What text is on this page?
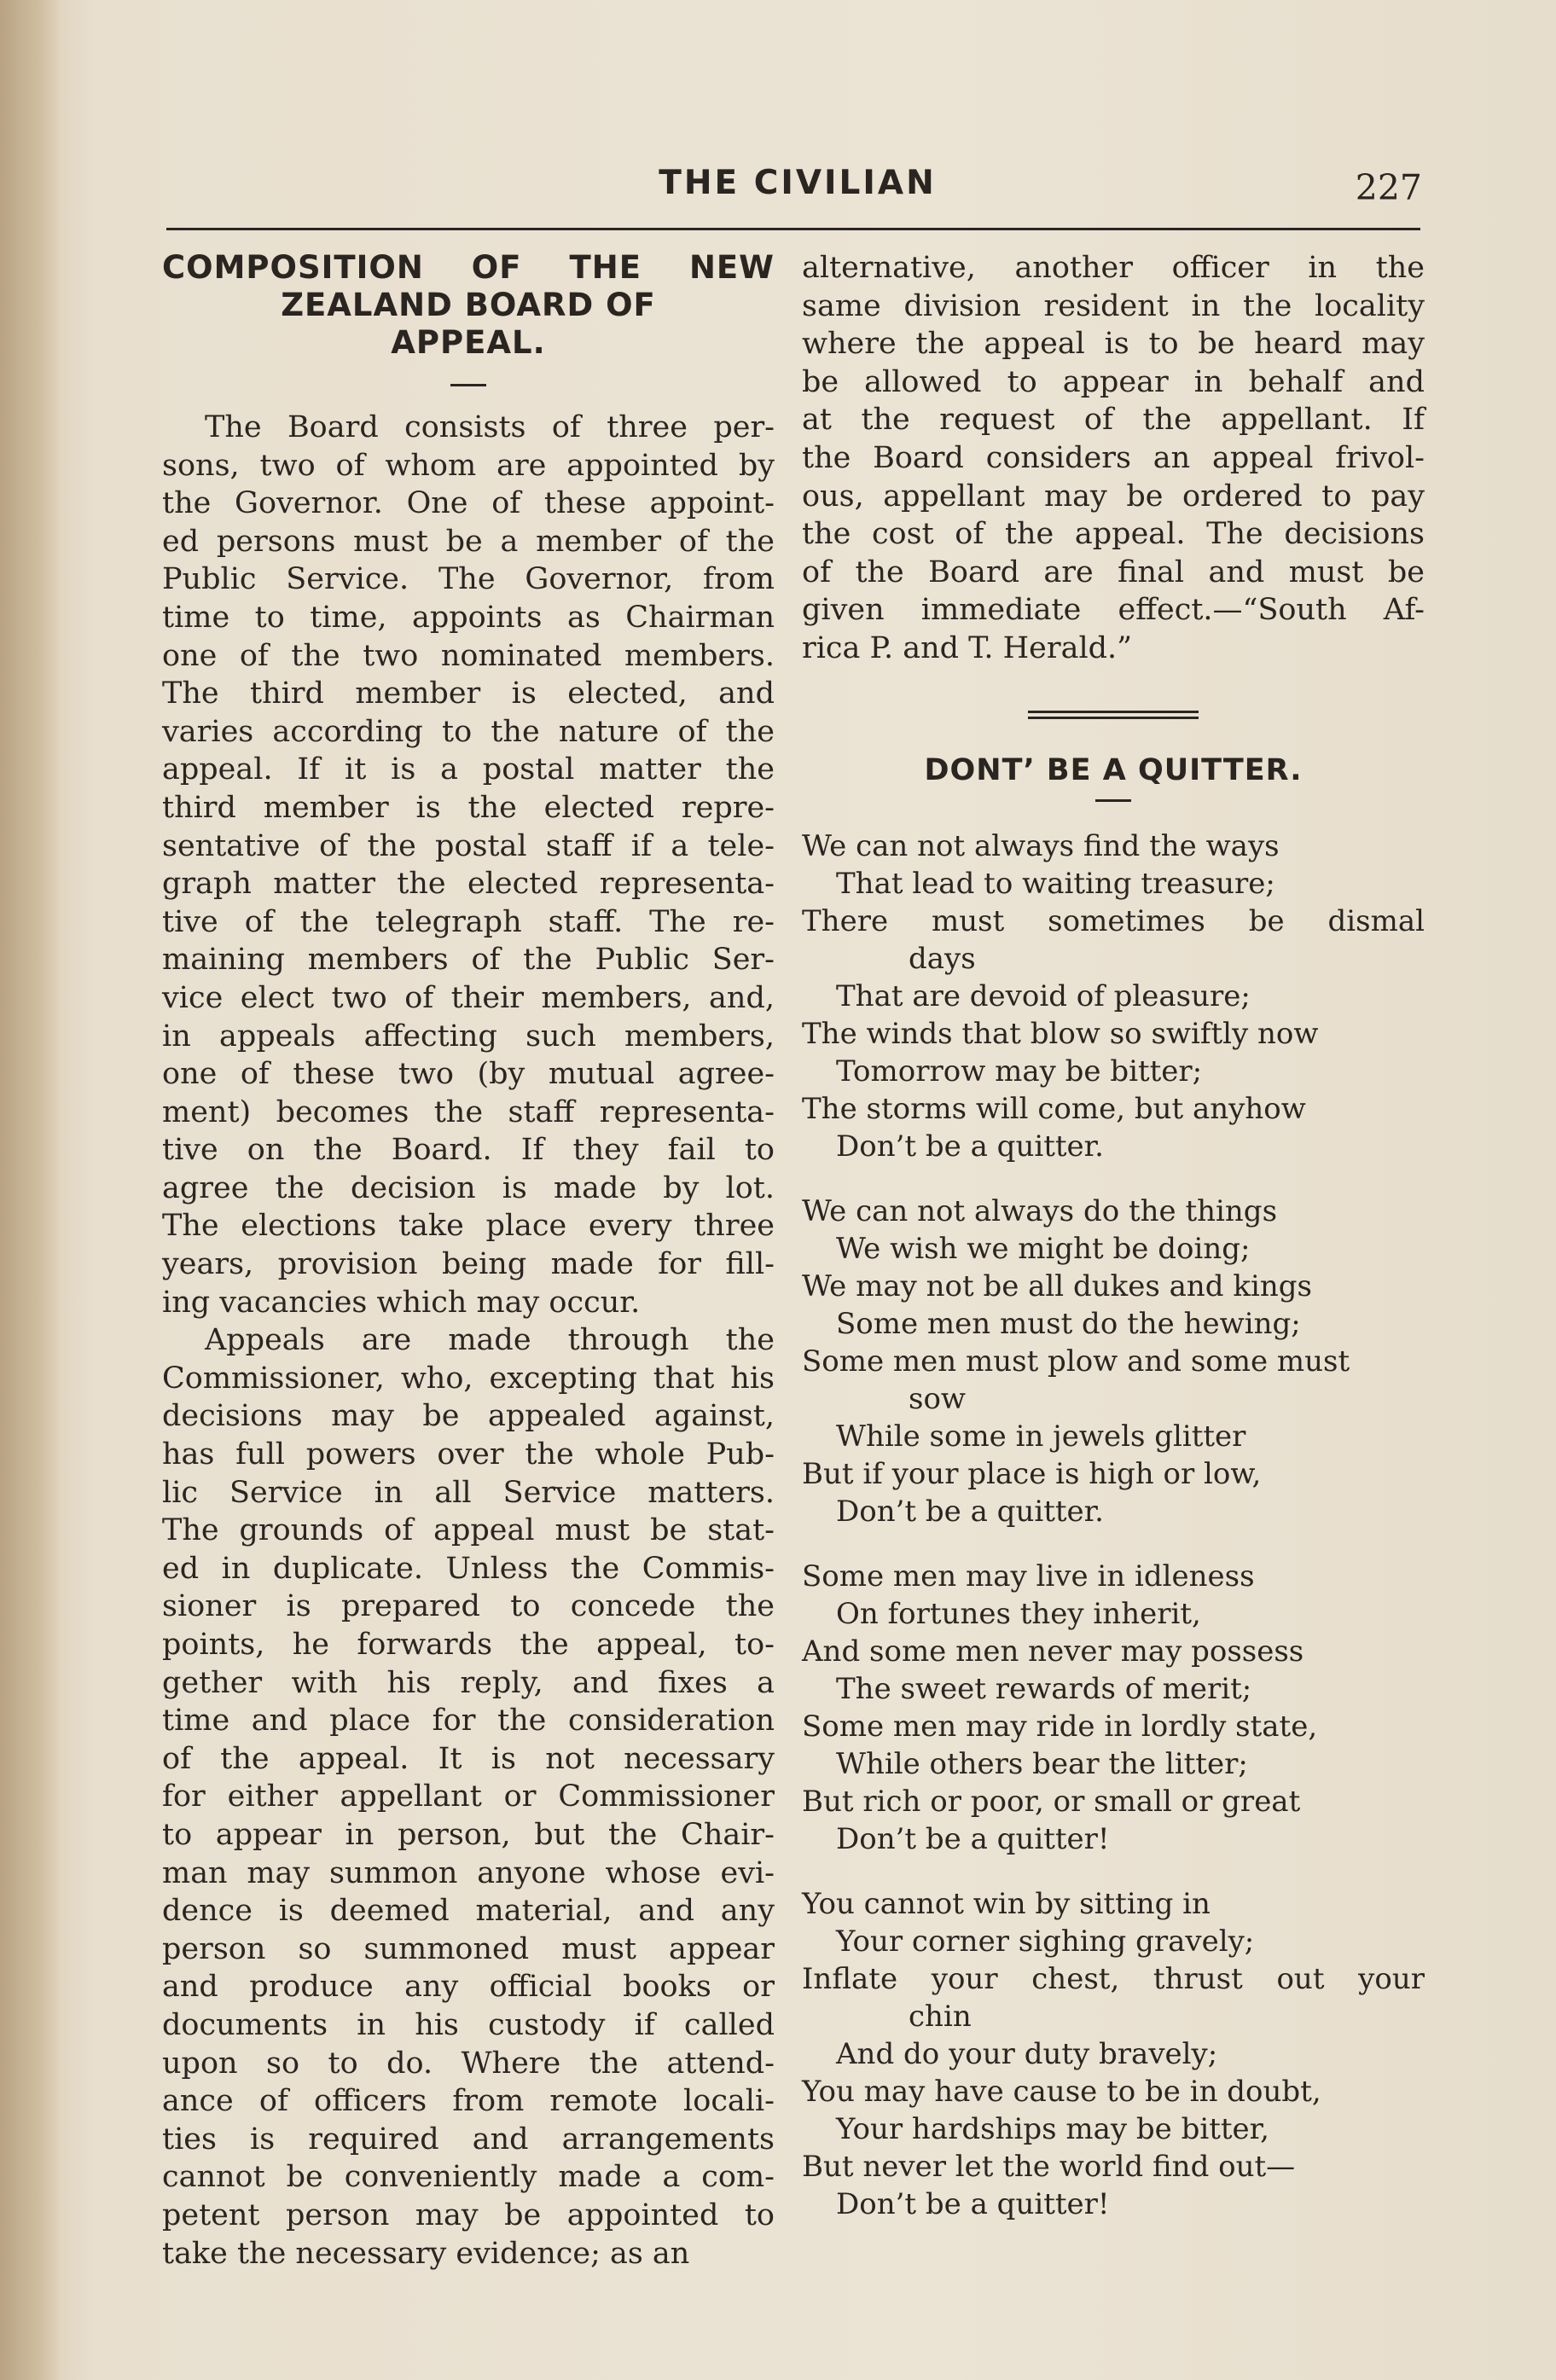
THE CIVILIAN	227
COMPOSITION OF THE NEW
ZEALAND BOARD OF
APPEAL.
The Board consists of three per-
sons, two of whom are appointed by
the Governor. One of these appoint-
ed persons must be a member of the
Public Service. The Governor, from
time to time, appoints as Chairman
one of the two nominated members.
The third member is elected, and
varies according to the nature of the
appeal. If it is a postal matter the
third member is the elected repre-
sentative of the postal staff if a tele-
graph matter the elected representa-
tive of the telegraph staff. The re-
maining members of the Public Ser-
vice elect two of their members, and,
in appeals affecting such members,
one of these two (by mutual agree-
ment) becomes the staff representa-
tive on the Board. If they fail to
agree the decision is made by lot.
The elections take place every three
years, provision being made for fill-
ing vacancies which may occur.
Appeals are made through the
Commissioner, who, excepting that his
decisions may be appealed against,
has full powers over the whole Pub-
lic Service in all Service matters.
The grounds of appeal must be stat-
ed in duplicate. Unless the Commis-
sioner is prepared to concede the
points, he forwards the appeal, to-
gether with his reply, and fixes a
time and place for the consideration
of the appeal. It is not necessary
for either appellant or Commissioner
to appear in person, but the Chair-
man may summon anyone whose evi-
dence is deemed material, and any
person so summoned must appear
and produce any official books or
documents in his custody if called
upon so to do. Where the attend-
ance of officers from remote locali-
ties is required and arrangements
cannot be conveniently made a com-
petent person may be appointed to
take the necessary evidence; as an
alternative, another officer in the
same division resident in the locality
where the appeal is to be heard may
be allowed to appear in behalf and
at the request of the appellant. If
the Board considers an appeal frivol-
ous, appellant may be ordered to pay
the cost of the appeal. The decisions
of the Board are final and must be
given immediate effect.—“South Af-
rica P. and T. Herald.”
DONT’ BE A QUITTER.
We can not always find the ways
That lead to waiting treasure;
There must sometimes be dismal
days
That are devoid of pleasure;
The winds that blow so swiftly now
Tomorrow may be bitter;
The storms will come, but anyhow
Don’t be a quitter.
We can not always do the things
We wish we might be doing;
We may not be all dukes and kings
Some men must do the hewing;
Some men must plow and some must
sow
While some in jewels glitter
But if your place is high or low,
Don’t be a quitter.
Some men may live in idleness
On fortunes they inherit,
And some men never may possess
The sweet rewards of merit;
Some men may ride in lordly state,
While others bear the litter;
But rich or poor, or small or great
Don’t be a quitter!
You cannot win by sitting in
Your corner sighing gravely;
Inflate your chest, thrust out your
chin
And do your duty bravely;
You may have cause to be in doubt,
Your hardships may be bitter,
But never let the world find out—
Don’t be a quitter!
